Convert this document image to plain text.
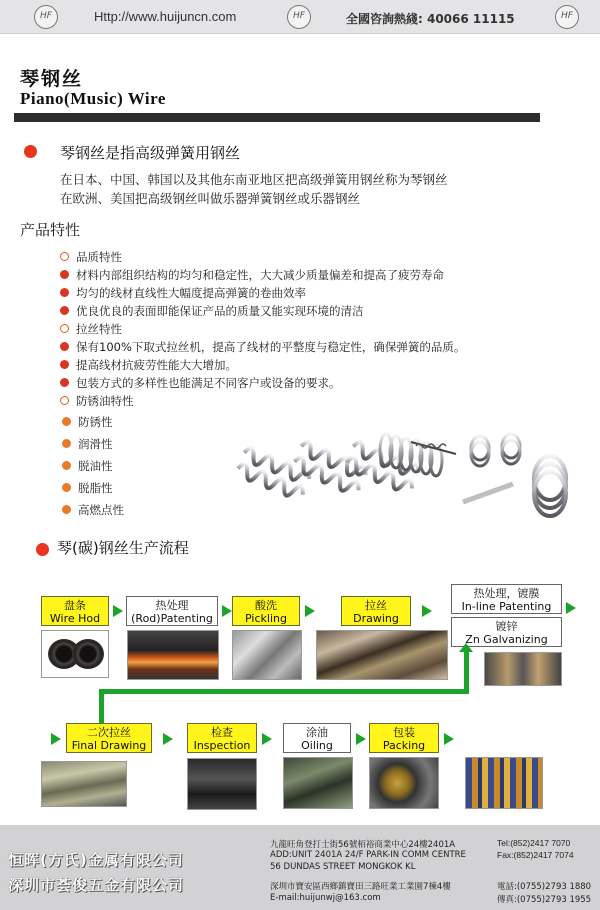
HF	Http://www.huijuncn.com	HF	全國咨詢熱綫: 40066 11115	HF
琴钢丝
Piano(Music) Wire
琴钢丝是指高级弹簧用钢丝
在日本、中国、韩国以及其他东南亚地区把高级弹簧用钢丝称为琴钢丝
在欧洲、美国把高级钢丝叫做乐器弹簧钢丝或乐器钢丝
产品特性
品质特性
材料内部组织结构的均匀和稳定性，大大减少质量偏差和提高了疲劳寿命
均匀的线材直线性大幅度提高弹簧的卷曲效率
优良优良的表面即能保证产品的质量又能实现环境的清洁
拉丝特性
保有100%下取式拉丝机，提高了线材的平整度与稳定性，确保弹簧的品质。
提高线材抗疲劳性能大大增加。
包装方式的多样性也能满足不同客户或设备的要求。
防锈油特性
防锈性
润滑性
脱油性
脱脂性
高燃点性
琴(碳)钢丝生产流程
盘条
Wire Hod
热处理
(Rod)Patenting
酸洗
Pickling
拉丝
Drawing
热处理，镀膜
In-line Patenting
镀锌
Zn Galvanizing
二次拉丝
Final Drawing
检查
Inspection
涂油
Oiling
包装
Packing
恒晖(方氏)金属有限公司
深圳市荟俊五金有限公司
九龍旺角登打士街56號栢裕商業中心24樓2401A
ADD:UNIT 2401A 24/F PARK-IN COMM CENTRE
56 DUNDAS STREET MONGKOK KL
深圳市寶安區西鄉鎮寶田三路旺業工業園7棟4樓
E-mail:huijunwj@163.com
Tel:(852)2417 7070
Fax:(852)2417 7074
電話:(0755)2793 1880
傳真:(0755)2793 1955
